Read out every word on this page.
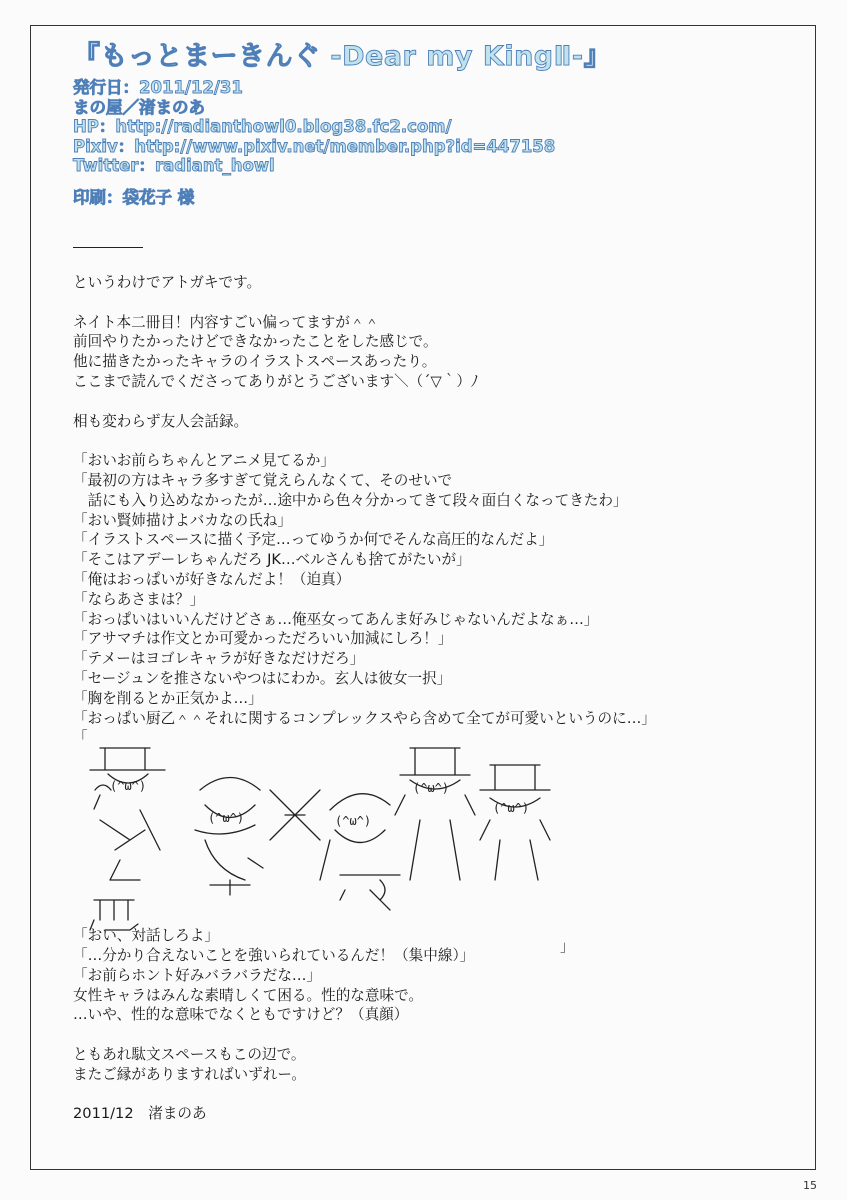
『もっとまーきんぐ -Dear my KingⅡ-』
発行日：2011/12/31
まの屋／渚まのあ
HP：http://radianthowl0.blog38.fc2.com/
Pixiv：http://www.pixiv.net/member.php?id=447158
Twitter：radiant_howl
印刷：袋花子 様

というわけでアトガキです。

ネイト本二冊目！内容すごい偏ってますが＾＾

前回やりたかったけどできなかったことをした感じで。

他に描きたかったキャラのイラストスペースあったり。

ここまで読んでくださってありがとうございます＼（´▽｀）ﾉ

相も変わらず友人会話録。

「おいお前らちゃんとアニメ見てるか」

「最初の方はキャラ多すぎて覚えらんなくて、そのせいで

　話にも入り込めなかったが…途中から色々分かってきて段々面白くなってきたわ」

「おい賢姉描けよバカなの氏ね」

「イラストスペースに描く予定…ってゆうか何でそんな高圧的なんだよ」

「そこはアデーレちゃんだろ JK…ベルさんも捨てがたいが」

「俺はおっぱいが好きなんだよ！（迫真）

「ならあさまは？」

「おっぱいはいいんだけどさぁ…俺巫女ってあんま好みじゃないんだよなぁ…」

「アサマチは作文とか可愛かっただろいい加減にしろ！」

「テメーはヨゴレキャラが好きなだけだろ」

「セージュンを推さないやつはにわか。玄人は彼女一択」

「胸を削るとか正気かよ…」

「おっぱい厨乙＾＾それに関するコンプレックスやら含めて全てが可愛いというのに…」

「

「おい、対話しろよ」

「…分かり合えないことを強いられているんだ！（集中線）」

「お前らホント好みバラバラだな…」

女性キャラはみんな素晴しくて困る。性的な意味で。

…いや、性的な意味でなくともですけど？（真顔）

ともあれ駄文スペースもこの辺で。

またご縁がありますればいずれー。

2011/12　渚まのあ

(^ω^)
(^ω^)	(^ω^)
(^ω^)
(^ω^)
」
15
